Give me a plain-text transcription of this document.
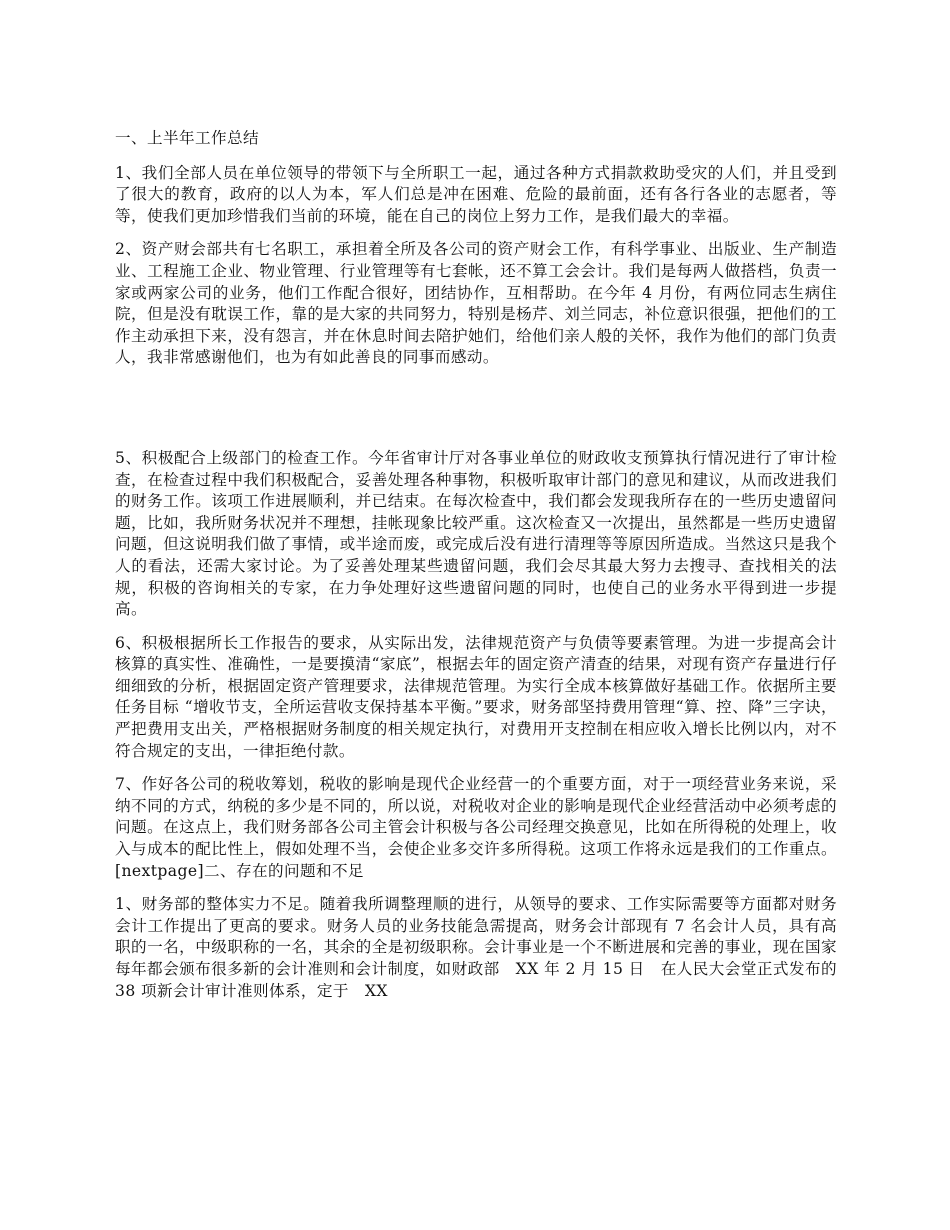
一、上半年工作总结

1、我们全部人员在单位领导的带领下与全所职工一起，通过各种方式捐款救助受灾的人们，并且受到了很大的教育，政府的以人为本，军人们总是冲在困难、危险的最前面，还有各行各业的志愿者，等等，使我们更加珍惜我们当前的环境，能在自己的岗位上努力工作，是我们最大的幸福。

2、资产财会部共有七名职工，承担着全所及各公司的资产财会工作，有科学事业、出版业、生产制造业、工程施工企业、物业管理、行业管理等有七套帐，还不算工会会计。我们是每两人做搭档，负责一家或两家公司的业务，他们工作配合很好，团结协作，互相帮助。在今年 4 月份，有两位同志生病住院，但是没有耽误工作，靠的是大家的共同努力，特别是杨芹、刘兰同志，补位意识很强，把他们的工作主动承担下来，没有怨言，并在休息时间去陪护她们，给他们亲人般的关怀，我作为他们的部门负责人，我非常感谢他们，也为有如此善良的同事而感动。

5、积极配合上级部门的检查工作。今年省审计厅对各事业单位的财政收支预算执行情况进行了审计检查，在检查过程中我们积极配合，妥善处理各种事物，积极听取审计部门的意见和建议，从而改进我们的财务工作。该项工作进展顺利，并已结束。在每次检查中，我们都会发现我所存在的一些历史遗留问题，比如，我所财务状况并不理想，挂帐现象比较严重。这次检查又一次提出，虽然都是一些历史遗留问题，但这说明我们做了事情，或半途而废，或完成后没有进行清理等等原因所造成。当然这只是我个人的看法，还需大家讨论。为了妥善处理某些遗留问题，我们会尽其最大努力去搜寻、查找相关的法规，积极的咨询相关的专家，在力争处理好这些遗留问题的同时，也使自己的业务水平得到进一步提高。

6、积极根据所长工作报告的要求，从实际出发，法律规范资产与负债等要素管理。为进一步提高会计核算的真实性、准确性，一是要摸清“家底”，根据去年的固定资产清查的结果，对现有资产存量进行仔细细致的分析，根据固定资产管理要求，法律规范管理。为实行全成本核算做好基础工作。依据所主要任务目标 “增收节支，全所运营收支保持基本平衡。”要求，财务部坚持费用管理“算、控、降”三字诀，严把费用支出关，严格根据财务制度的相关规定执行，对费用开支控制在相应收入增长比例以内，对不符合规定的支出，一律拒绝付款。

7、作好各公司的税收筹划，税收的影响是现代企业经营一的个重要方面，对于一项经营业务来说，采纳不同的方式，纳税的多少是不同的，所以说，对税收对企业的影响是现代企业经营活动中必须考虑的问题。在这点上，我们财务部各公司主管会计积极与各公司经理交换意见，比如在所得税的处理上，收入与成本的配比性上，假如处理不当，会使企业多交许多所得税。这项工作将永远是我们的工作重点。[nextpage]二、存在的问题和不足

1、财务部的整体实力不足。随着我所调整理顺的进行，从领导的要求、工作实际需要等方面都对财务会计工作提出了更高的要求。财务人员的业务技能急需提高，财务会计部现有 7 名会计人员，具有高职的一名，中级职称的一名，其余的全是初级职称。会计事业是一个不断进展和完善的事业，现在国家每年都会颁布很多新的会计准则和会计制度，如财政部　XX 年 2 月 15 日　在人民大会堂正式发布的 38 项新会计审计准则体系，定于　XX
